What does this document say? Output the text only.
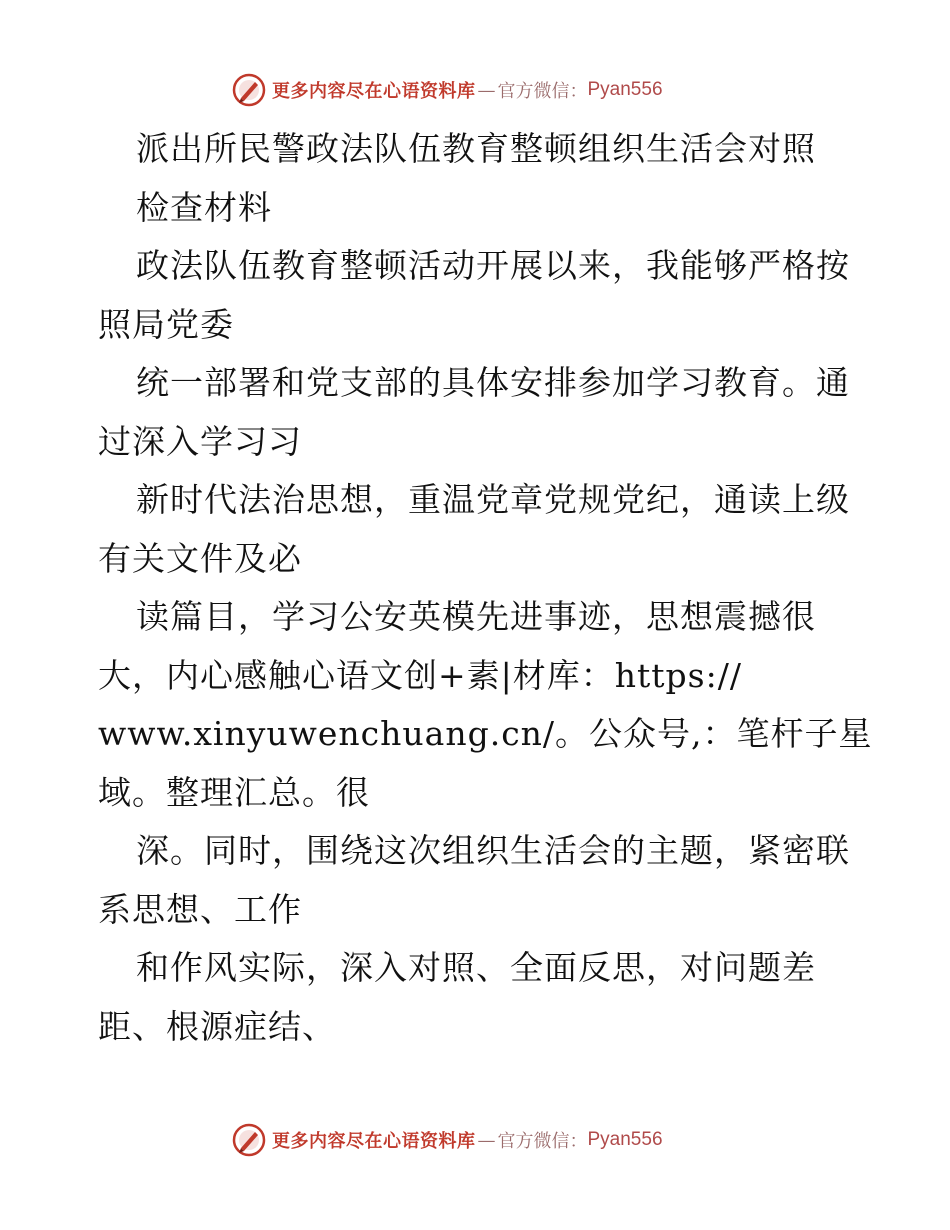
更多内容尽在心语资料库 — 官方微信： Pyan556
派出所民警政法队伍教育整顿组织生活会对照
检查材料
政法队伍教育整顿活动开展以来，我能够严格按
照局党委
统一部署和党支部的具体安排参加学习教育。通
过深入学习习
新时代法治思想，重温党章党规党纪，通读上级
有关文件及必
读篇目，学习公安英模先进事迹，思想震撼很
大，内心感触心语文创+素|材库：https://
www.xinyuwenchuang.cn/。公众号,：笔杆子星
域。整理汇总。很
深。同时，围绕这次组织生活会的主题，紧密联
系思想、工作
和作风实际，深入对照、全面反思，对问题差
距、根源症结、
更多内容尽在心语资料库 — 官方微信： Pyan556
